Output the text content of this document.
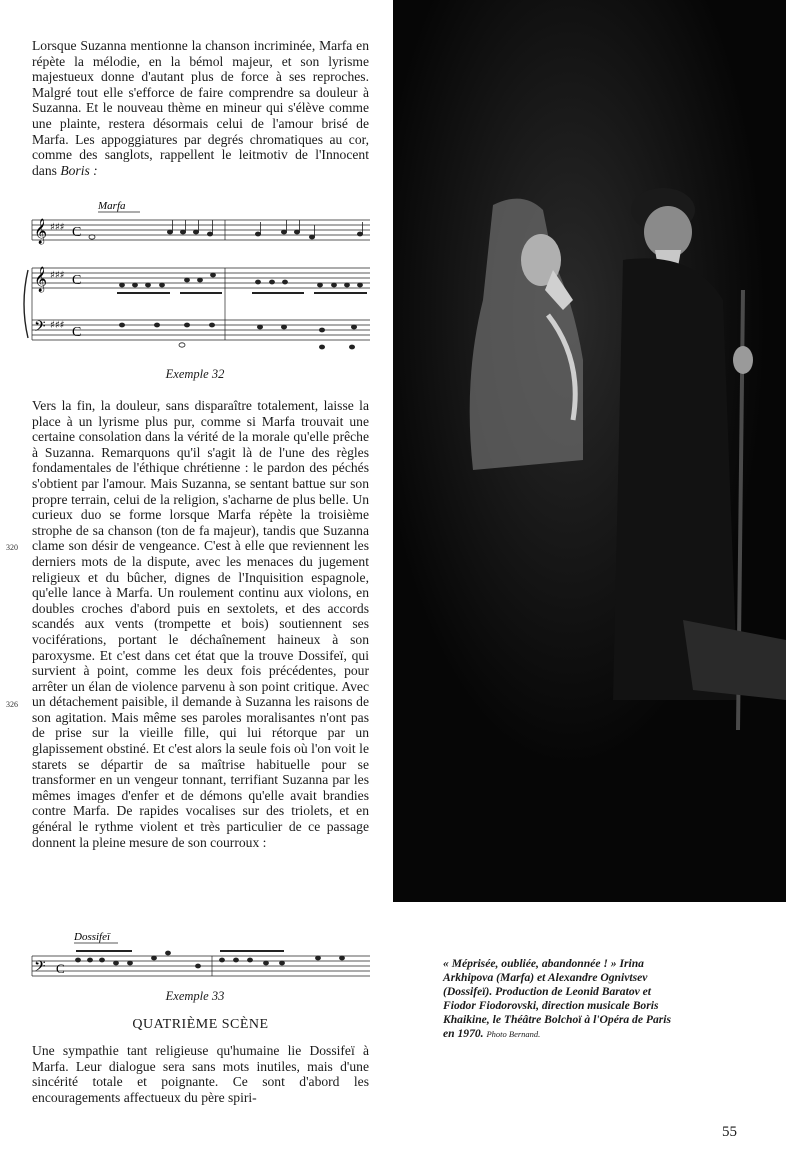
Lorsque Suzanna mentionne la chanson incriminée, Marfa en répète la mélodie, en la bémol majeur, et son lyrisme majestueux donne d'autant plus de force à ses reproches. Malgré tout elle s'efforce de faire comprendre sa douleur à Suzanna. Et le nouveau thème en mineur qui s'élève comme une plainte, restera désormais celui de l'amour brisé de Marfa. Les appoggiatures par degrés chromatiques au cor, comme des sanglots, rappellent le leitmotiv de l'Innocent dans Boris :

Marfa
𝄞
𝄞
𝄢
♯♯♯
♯♯♯
♯♯♯
C
C
C
Exemple 32

Vers la fin, la douleur, sans disparaître totalement, laisse la place à un lyrisme plus pur, comme si Marfa trouvait une certaine consolation dans la vérité de la morale qu'elle prêche à Suzanna. Remarquons qu'il s'agit là de l'une des règles fondamentales de l'éthique chrétienne : le pardon des péchés s'obtient par l'amour. Mais Suzanna, se sentant battue sur son propre terrain, celui de la religion, s'acharne de plus belle. Un curieux duo se forme lorsque Marfa répète la troisième strophe de sa chanson (ton de fa majeur), tandis que Suzanna clame son désir de vengeance. C'est à elle que reviennent les derniers mots de la dispute, avec les menaces du jugement religieux et du bûcher, dignes de l'Inquisition espagnole, qu'elle lance à Marfa. Un roulement continu aux violons, en doubles croches d'abord puis en sextolets, et des accords scandés aux vents (trompette et bois) soutiennent ses vociférations, portant le déchaînement haineux à son paroxysme. Et c'est dans cet état que la trouve Dossifeï, qui survient à point, comme les deux fois précédentes, pour arrêter un élan de violence parvenu à son point critique. Avec un détachement paisible, il demande à Suzanna les raisons de son agitation. Mais même ses paroles moralisantes n'ont pas de prise sur la vieille fille, qui lui rétorque par un glapissement obstiné. Et c'est alors la seule fois où l'on voit le starets se départir de sa maîtrise habituelle pour se transformer en un vengeur tonnant, terrifiant Suzanna par les mêmes images d'enfer et de démons qu'elle avait brandies contre Marfa. De rapides vocalises sur des triolets, et en général le rythme violent et très particulier de ce passage donnent la pleine mesure de son courroux :

320
326
Dossifeï
𝄢 C
Exemple 33
QUATRIÈME SCÈNE

Une sympathie tant religieuse qu'humaine lie Dossifeï à Marfa. Leur dialogue sera sans mots inutiles, mais d'une sincérité totale et poignante. Ce sont d'abord les encouragements affectueux du père spiri-

« Méprisée, oubliée, abandonnée ! » Irina Arkhipova (Marfa) et Alexandre Ognivtsev (Dossifeï). Production de Leonid Baratov et Fiodor Fiodorovski, direction musicale Boris Khaikine, le Théâtre Bolchoï à l'Opéra de Paris en 1970. Photo Bernand.
55
